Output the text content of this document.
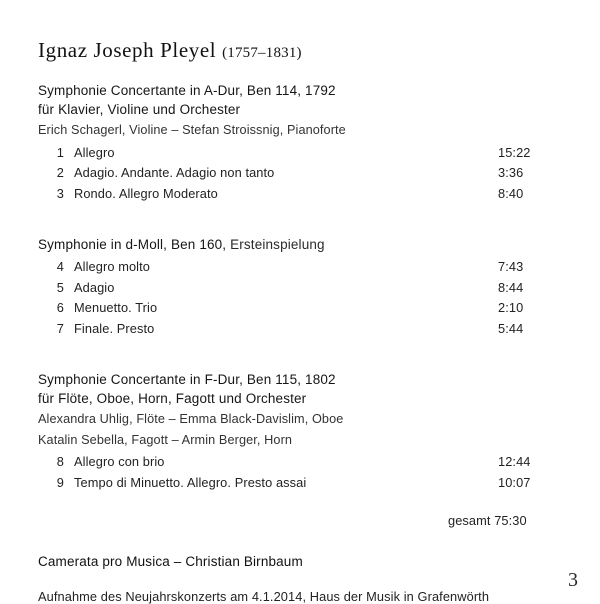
Ignaz Joseph Pleyel (1757–1831)
Symphonie Concertante in A-Dur, Ben 114, 1792
für Klavier, Violine und Orchester
Erich Schagerl, Violine – Stefan Stroissnig, Pianoforte
1 Allegro	15:22
2 Adagio. Andante. Adagio non tanto	3:36
3 Rondo. Allegro Moderato	8:40
Symphonie in d-Moll, Ben 160, Ersteinspielung
4 Allegro molto	7:43
5 Adagio	8:44
6 Menuetto. Trio	2:10
7 Finale. Presto	5:44
Symphonie Concertante in F-Dur, Ben 115, 1802
für Flöte, Oboe, Horn, Fagott und Orchester
Alexandra Uhlig, Flöte – Emma Black-Davislim, Oboe
Katalin Sebella, Fagott – Armin Berger, Horn
8 Allegro con brio	12:44
9 Tempo di Minuetto. Allegro. Presto assai	10:07
gesamt 75:30
Camerata pro Musica – Christian Birnbaum
Aufnahme des Neujahrskonzerts am 4.1.2014, Haus der Musik in Grafenwörth
3
